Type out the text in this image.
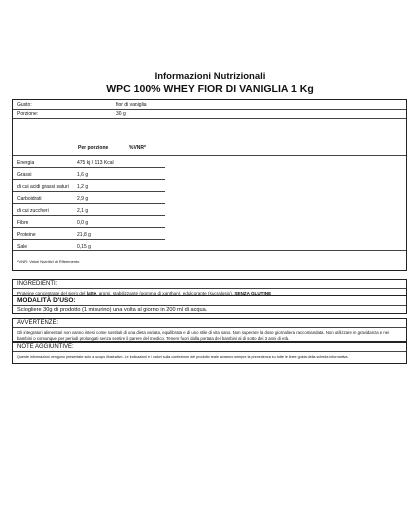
Informazioni Nutrizionali
WPC 100% WHEY FIOR DI VANIGLIA 1 Kg
Gusto:	fior di vaniglia
Porzione:	30 g
Per porzione	%VNR*
Energia	475 kj / 113 Kcal
Grassi	1,6 g
di cui acidi grassi saturi 1,2 g
Carboidrati	2,9 g
di cui zuccheri	2,1 g
Fibre	0,0 g
Proteine	21,8 g
Sale	0,15 g
*VNR: Valori Nutritivi di Riferimento
INGREDIENTI:
Proteine concentrate del siero del latte, aromi, stabilizzante (gomma di xanthan), edulcorante (sucralosio), SENZA GLUTINE
MODALITÀ D'USO:
Sciogliere 30g di prodotto (1 misurino) una volta al giorno in 200 ml di acqua.
AVVERTENZE:
Gli integratori alimentari non vanno intesi come sostituti di una dieta variata, equilibrata e di uno stile di vita sano. Non superare la dose giornaliera raccomandata. Non utilizzare in gravidanza e nei bambini o comunque per periodi prolungati senza sentire il parere del medico. Tenere fuori dalla portata dei bambini al di sotto dei 3 anni di età.
NOTE AGGIUNTIVE:
Queste informazioni vengono presentate solo a scopo illustrativo. Le indicazioni e i valori sulla confezione del prodotto reale avranno sempre la precedenza su tutte le linee guida della scheda informativa.
